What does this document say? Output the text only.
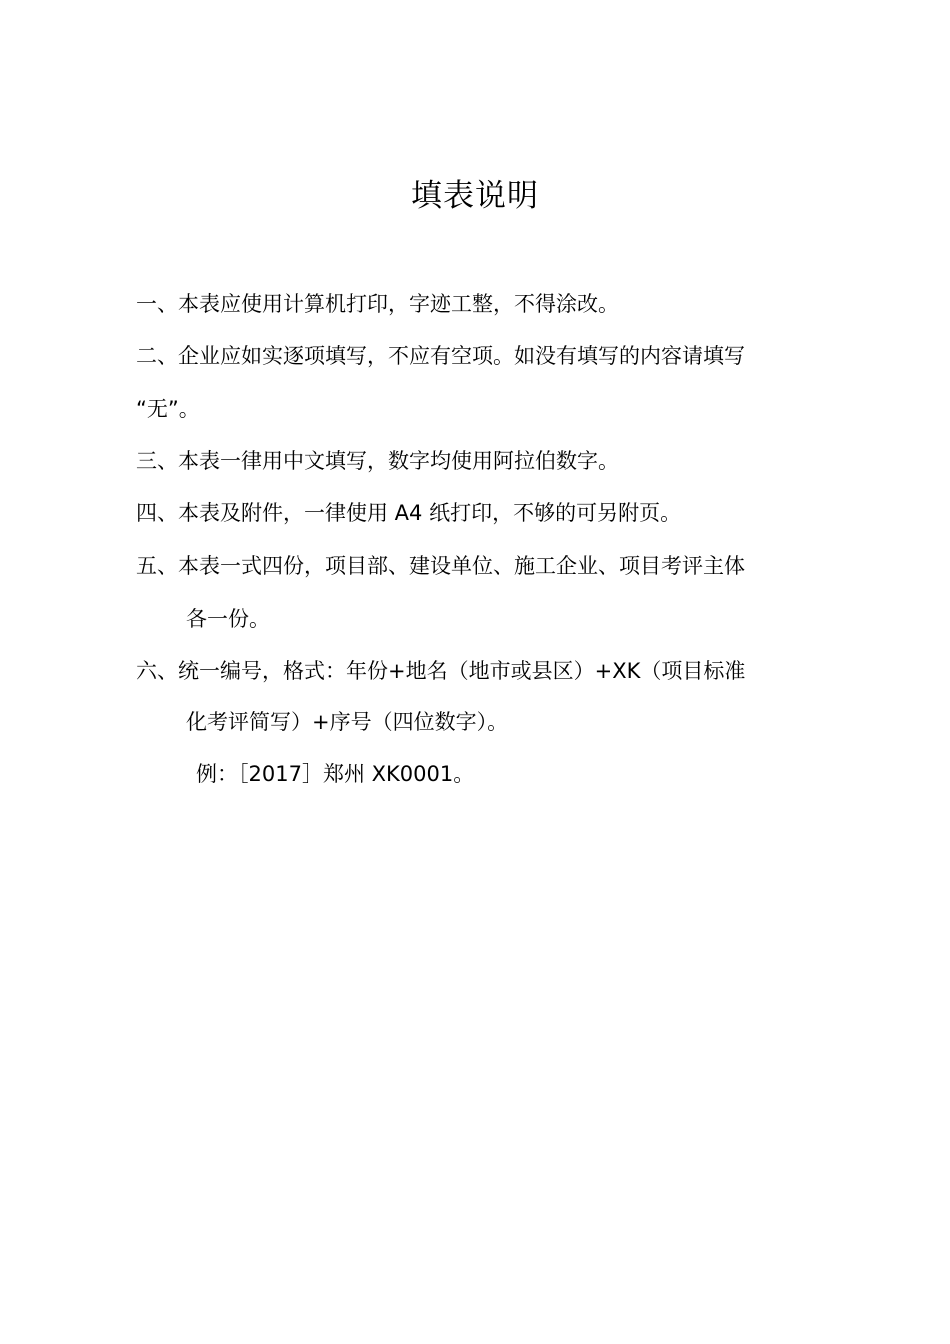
填表说明
一、本表应使用计算机打印，字迹工整，不得涂改。
二、企业应如实逐项填写，不应有空项。如没有填写的内容请填写
“无”。
三、本表一律用中文填写，数字均使用阿拉伯数字。
四、本表及附件，一律使用 A4 纸打印，不够的可另附页。
五、本表一式四份，项目部、建设单位、施工企业、项目考评主体
各一份。
六、统一编号，格式：年份+地名（地市或县区）+XK（项目标准
化考评简写）+序号（四位数字）。
例：［2017］郑州 XK0001。
